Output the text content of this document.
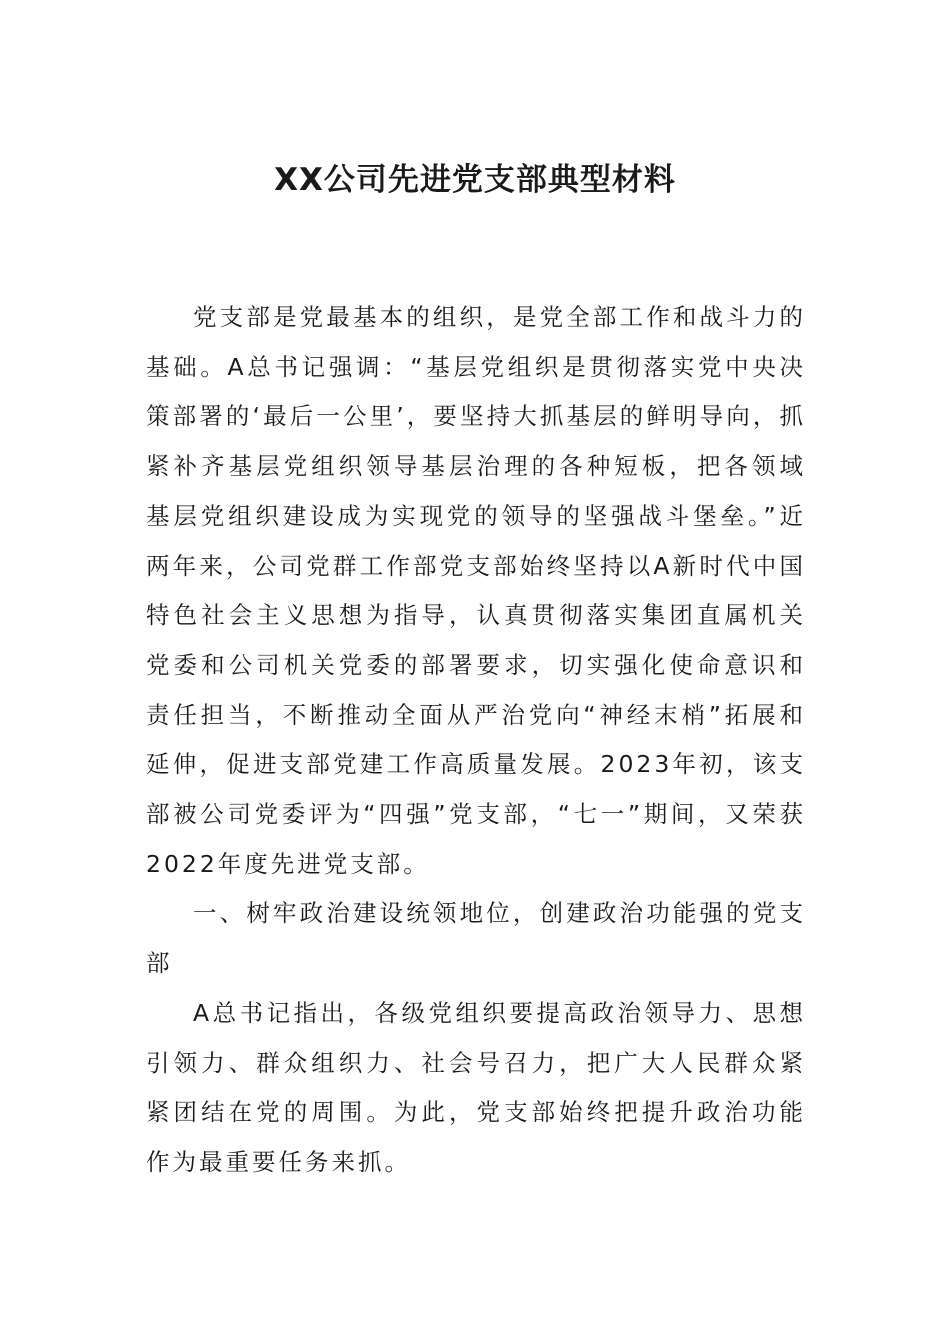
XX公司先进党支部典型材料

党支部是党最基本的组织，是党全部工作和战斗力的基础。A总书记强调：“基层党组织是贯彻落实党中央决策部署的‘最后一公里’，要坚持大抓基层的鲜明导向，抓紧补齐基层党组织领导基层治理的各种短板，把各领域基层党组织建设成为实现党的领导的坚强战斗堡垒。”近两年来，公司党群工作部党支部始终坚持以A新时代中国特色社会主义思想为指导，认真贯彻落实集团直属机关党委和公司机关党委的部署要求，切实强化使命意识和责任担当，不断推动全面从严治党向“神经末梢”拓展和延伸，促进支部党建工作高质量发展。2023年初，该支部被公司党委评为“四强”党支部，“七一”期间，又荣获2022年度先进党支部。

一、树牢政治建设统领地位，创建政治功能强的党支部

A总书记指出，各级党组织要提高政治领导力、思想引领力、群众组织力、社会号召力，把广大人民群众紧紧团结在党的周围。为此，党支部始终把提升政治功能作为最重要任务来抓。
